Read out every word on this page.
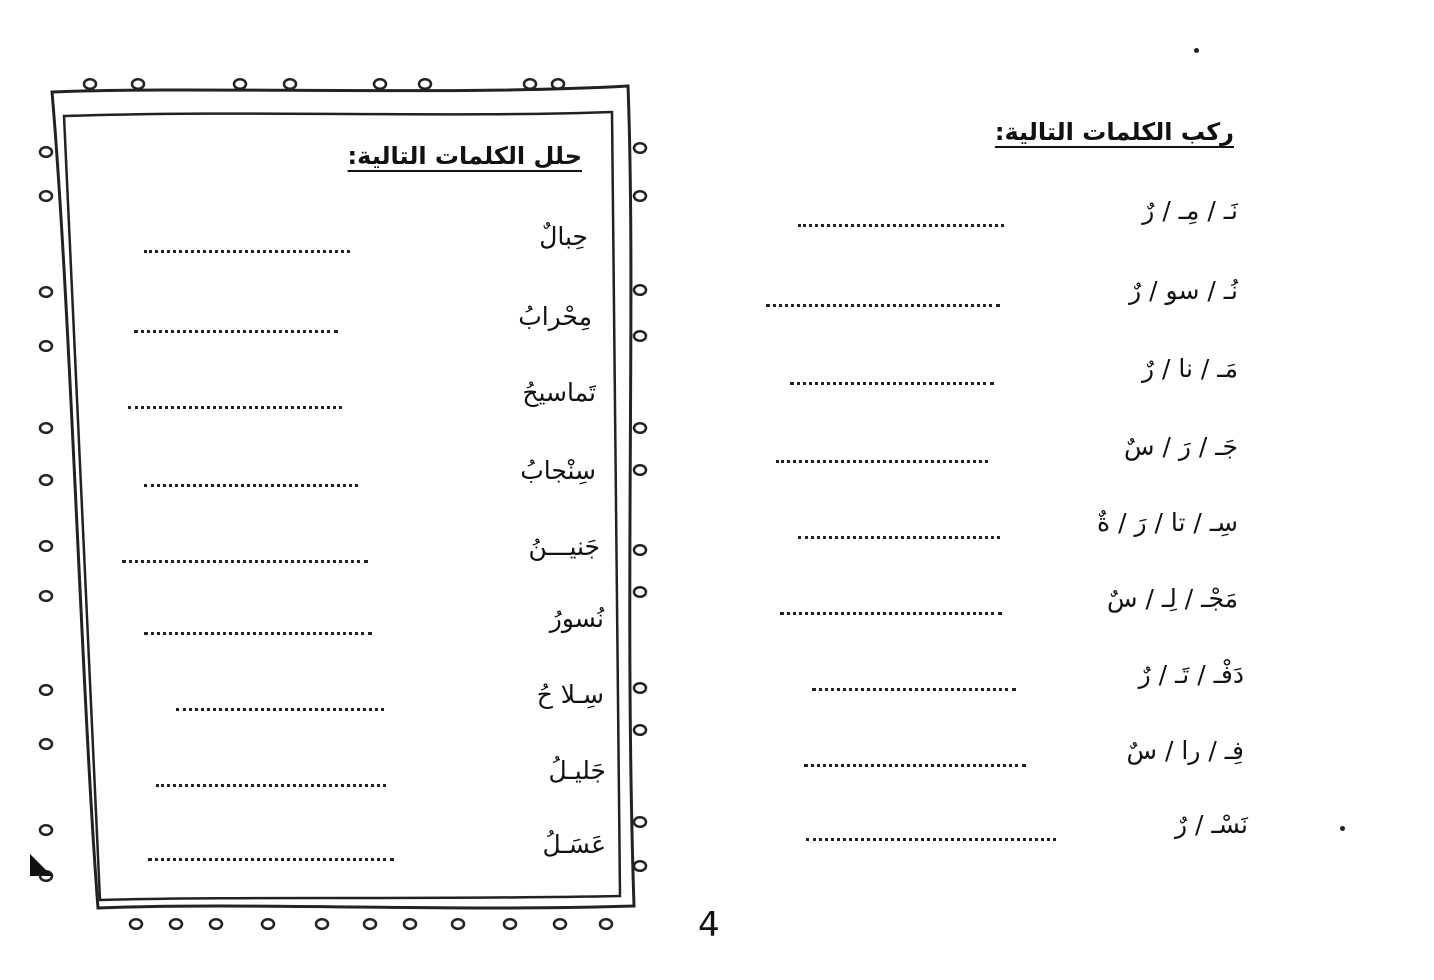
ركب الكلمات التالية:
نَـ / مِـ / رٌ
نُـ / سو / رٌ
مَـ / نا / رٌ
جَـ / رَ / سٌ
سِـ / تا / رَ / ةٌ
مَجْـ / لِـ / سٌ
دَفْـ / تَـ / رٌ
فِـ / را / سٌ
نَسْـ / رٌ
حلل الكلمات التالية:
حِبالٌ
مِحْرابُ
تَماسيحُ
سِنْجابُ
جَنيـــنُ
نُسورُ
سِـلا حُ
جَليـلُ
عَسَـلُ
4
